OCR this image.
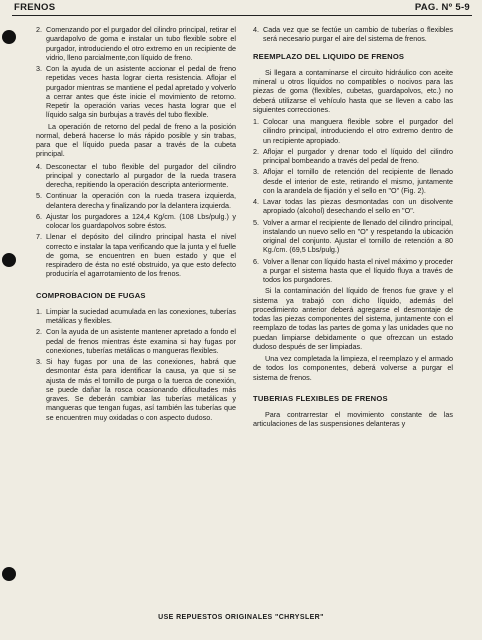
FRENOS	PAG. Nº 5-9
2. Comenzando por el purgador del cilindro principal, retirar el guardapolvo de goma e instalar un tubo flexible sobre el purgador, introduciendo el otro extremo en un recipiente de vidrio, lleno parcialmente,con líquido de freno.
3. Con la ayuda de un asistente accionar el pedal de freno repetidas veces hasta lograr cierta resistencia. Aflojar el purgador mientras se mantiene el pedal apretado y volverlo a cerrar antes que éste inicie el movimiento de retorno. Repetir la operación varias veces hasta lograr que el líquido salga sin burbujas a través del tubo flexible.

La operación de retorno del pedal de freno a la posición normal, deberá hacerse lo más rápido posible y sin trabas, para que el líquido pueda pasar a través de la cubeta principal.

4. Desconectar el tubo flexible del purgador del cilindro principal y conectarlo al purgador de la rueda trasera derecha, repitiendo la operación descripta anteriormente.
5. Continuar la operación con la rueda trasera izquierda, delantera derecha y finalizando por la delantera izquierda.
6. Ajustar los purgadores a 124,4 Kg/cm. (108 Lbs/pulg.) y colocar los guardapolvos sobre éstos.
7. Llenar el depósito del cilindro principal hasta el nivel correcto e instalar la tapa verificando que la junta y el fuelle de goma, se encuentren en buen estado y que el respiradero de ésta no esté obstruido, ya que esto defecto produciría el agarrotamiento de los frenos.
COMPROBACION DE FUGAS
1. Limpiar la suciedad acumulada en las conexiones, tuberías metálicas y flexibles.
2. Con la ayuda de un asistente mantener apretado a fondo el pedal de frenos mientras éste examina si hay fugas por conexiones, tuberías metálicas o mangueras flexibles.
3. Si hay fugas por una de las conexiones, habrá que desmontar ésta para identificar la causa, ya que si se ajusta de más el tornillo de purga o la tuerca de conexión, se puede dañar la rosca ocasionando dificultades más graves. Se deberán cambiar las tuberías metálicas y mangueras que tengan fugas, así también las tuberías que se encuentren muy oxidadas o con aspecto dudoso.
4. Cada vez que se fectúe un cambio de tuberías o flexibles será necesario purgar el aire del sistema de frenos.
REEMPLAZO DEL LIQUIDO DE FRENOS

Si llegara a contaminarse el circuito hidráulico con aceite mineral u otros líquidos no compatibles o nocivos para las piezas de goma (flexibles, cubetas, guardapolvos, etc.) no deberá utilizarse el vehículo hasta que se lleven a cabo las siguientes correcciones.

1. Colocar una manguera flexible sobre el purgador del cilindro principal, introduciendo el otro extremo dentro de un recipiente apropiado.
2. Aflojar el purgador y drenar todo el líquido del cilindro principal bombeando a través del pedal de freno.
3. Aflojar el tornillo de retención del recipiente de llenado desde el interior de este, retirando el mismo, juntamente con la arandela de fijación y el sello en "O" (Fig. 2).
4. Lavar todas las piezas desmontadas con un disolvente apropiado (alcohol) desechando el sello en "O".
5. Volver a armar el recipiente de llenado del cilindro principal, instalando un nuevo sello en "O" y respetando la ubicación original del conjunto. Ajustar el tornillo de retención a 80 Kg./cm. (69,5 Lbs/pulg.)
6. Volver a llenar con líquido hasta el nivel máximo y proceder a purgar el sistema hasta que el líquido fluya a través de todos los purgadores.

Si la contaminación del líquido de frenos fue grave y el sistema ya trabajó con dicho líquido, además del procedimiento anterior deberá agregarse el desmontaje de todas las piezas componentes del sistema, juntamente con el reemplazo de todas las partes de goma y las unidades que no puedan limpiarse debidamente o que ofrezcan un estado dudoso después de ser limpiadas.

Una vez completada la limpieza, el reemplazo y el armado de todos los componentes, deberá volverse a purgar el sistema de frenos.

TUBERIAS FLEXIBLES DE FRENOS

Para contrarrestar el movimiento constante de las articulaciones de las suspensiones delanteras y

USE REPUESTOS ORIGINALES "CHRYSLER"
